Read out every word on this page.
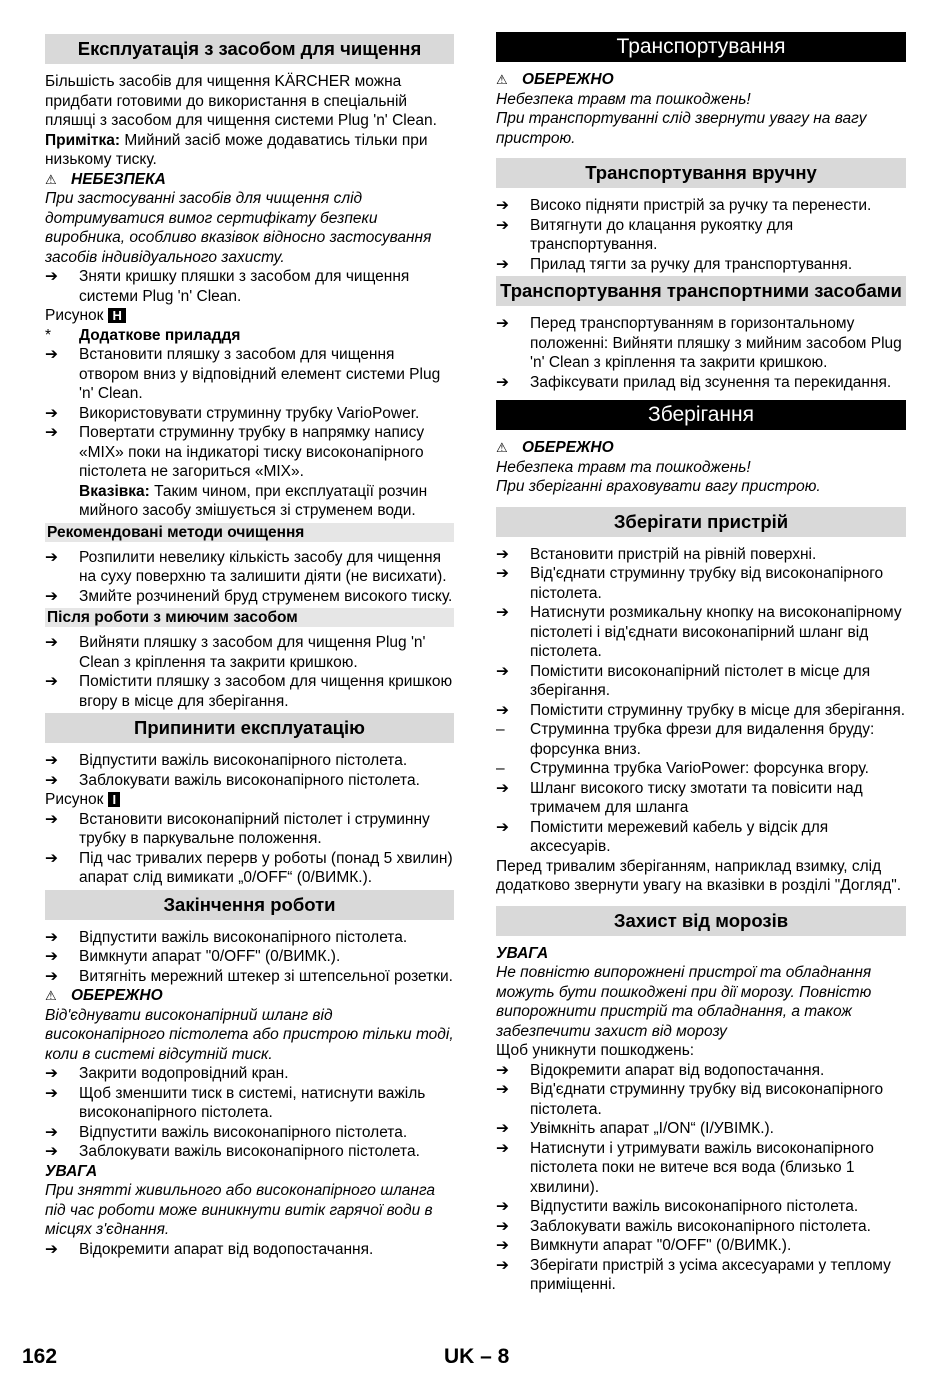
Експлуатація з засобом для чищення

Більшість засобів для чищення KÄRCHER можна придбати готовими до використання в спеціальній пляшці з засобом для чищення системи Plug 'n' Clean.

Примітка: Мийний засіб може додаватись тільки при низькому тиску.

⚠ НЕБЕЗПЕКА

При застосуванні засобів для чищення слід дотримуватися вимог сертифікату безпеки виробника, особливо вказівок відносно застосування засобів індивідуального захисту.

➔	Зняти кришку пляшки з засобом для чищення системи Plug 'n' Clean.
Рисунок H
*	Додаткове приладдя
➔	Встановити пляшку з засобом для чищення отвором вниз у відповідний елемент системи Plug 'n' Clean.
➔	Використовувати струминну трубку VarioPower.
➔	Повертати струминну трубку в напрямку напису «MIX» поки на індикаторі тиску високонапірного пістолета не загориться «MIX».

Вказівка: Таким чином, при експлуатації розчин мийного засобу змішується зі струменем води.

Рекомендовані методи очищення
➔	Розпилити невелику кількість засобу для чищення на суху поверхню та залишити діяти (не висихати).
➔	Змийте розчинений бруд струменем високого тиску.
Після роботи з миючим засобом
➔	Вийняти пляшку з засобом для чищення Plug 'n' Clean з кріплення та закрити кришкою.
➔	Помістити пляшку з засобом для чищення кришкою вгору в місце для зберігання.
Припинити експлуатацію
➔	Відпустити важіль високонапірного пістолета.
➔	Заблокувати важіль високонапірного пістолета.
Рисунок I
➔	Встановити високонапірний пістолет і струминну трубку в паркувальне положення.
➔	Під час тривалих перерв у роботы (понад 5 хвилин) апарат слід вимикати „0/OFF“ (0/ВИМК.).
Закінчення роботи
➔	Відпустити важіль високонапірного пістолета.
➔	Вимкнути апарат "0/OFF" (0/ВИМК.).
➔	Витягніть мережний штекер зі штепсельної розетки.
⚠ ОБЕРЕЖНО

Від'єднувати високонапірний шланг від високонапірного пістолета або пристрою тільки тоді, коли в системі відсутній тиск.

➔	Закрити водопровідний кран.
➔	Щоб зменшити тиск в системі, натиснути важіль високонапірного пістолета.
➔	Відпустити важіль високонапірного пістолета.
➔	Заблокувати важіль високонапірного пістолета.
УВАГА

При знятті живильного або високонапірного шланга під час роботи може виникнути витік гарячої води в місцях з'єднання.

➔	Відокремити апарат від водопостачання.
Транспортування
⚠ ОБЕРЕЖНО

Небезпека травм та пошкоджень!

При транспортуванні слід звернути увагу на вагу пристрою.

Транспортування вручну
➔	Високо підняти пристрій за ручку та перенести.
➔	Витягнути до клацання рукоятку для транспортування.
➔	Прилад тягти за ручку для транспортування.
Транспортування транспортними засобами
➔	Перед транспортуванням в горизонтальному положенні: Вийняти пляшку з мийним засобом Plug 'n' Clean з кріплення та закрити кришкою.
➔	Зафіксувати прилад від зсунення та перекидання.
Зберігання
⚠ ОБЕРЕЖНО

Небезпека травм та пошкоджень!

При зберіганні враховувати вагу пристрою.

Зберігати пристрій
➔	Встановити пристрій на рівній поверхні.
➔	Від'єднати струминну трубку від високонапірного пістолета.
➔	Натиснути розмикальну кнопку на високонапірному пістолеті і від'єднати високонапірний шланг від пістолета.
➔	Помістити високонапірний пістолет в місце для зберігання.
➔	Помістити струминну трубку в місце для зберігання.
–	Струминна трубка фрези для видалення бруду: форсунка вниз.
–	Струминна трубка VarioPower: форсунка вгору.
➔	Шланг високого тиску змотати та повісити над тримачем для шланга
➔	Помістити мережевий кабель у відсік для аксесуарів.

Перед тривалим зберіганням, наприклад взимку, слід додатково звернути увагу на вказівки в розділі "Догляд".

Захист від морозів
УВАГА

Не повністю випорожнені пристрої та обладнання можуть бути пошкоджені при дії морозу. Повністю випорожнити пристрій та обладнання, а також забезпечити захист від морозу

Щоб уникнути пошкоджень:

➔	Відокремити апарат від водопостачання.
➔	Від'єднати струминну трубку від високонапірного пістолета.
➔	Увімкніть апарат „I/ON“ (I/УВІМК.).
➔	Натиснути і утримувати важіль високонапірного пістолета поки не витече вся вода (близько 1 хвилини).
➔	Відпустити важіль високонапірного пістолета.
➔	Заблокувати важіль високонапірного пістолета.
➔	Вимкнути апарат "0/OFF" (0/ВИМК.).
➔	Зберігати пристрій з усіма аксесуарами у теплому приміщенні.
162	UK – 8
